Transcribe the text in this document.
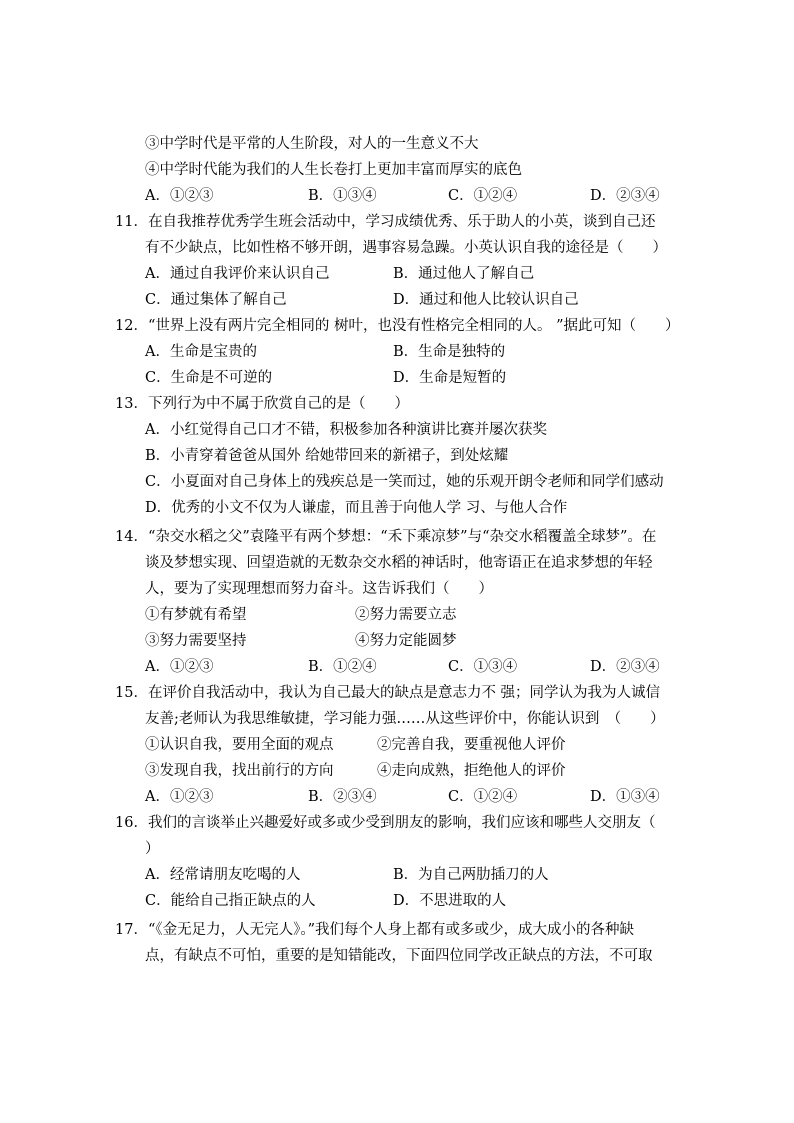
③中学时代是平常的人生阶段，对人的一生意义不大
④中学时代能为我们的人生长卷打上更加丰富而厚实的底色
A．①②③	B．①③④	C．①②④	D．②③④
11．在自我推荐优秀学生班会活动中，学习成绩优秀、乐于助人的小英，谈到自己还
有不少缺点，比如性格不够开朗，遇事容易急躁。小英认识自我的途径是（　　）
A．通过自我评价来认识自己	B．通过他人了解自己
C．通过集体了解自己	D．通过和他人比较认识自己
12．“世界上没有两片完全相同的 树叶，也没有性格完全相同的人。 ”据此可知（　　）
A．生命是宝贵的	B．生命是独特的
C．生命是不可逆的	D．生命是短暂的
13．下列行为中不属于欣赏自己的是（　　）
A．小红觉得自己口才不错，积极参加各种演讲比赛并屡次获奖
B．小青穿着爸爸从国外 给她带回来的新裙子，到处炫耀
C．小夏面对自己身体上的残疾总是一笑而过，她的乐观开朗令老师和同学们感动
D．优秀的小文不仅为人谦虚，而且善于向他人学 习、与他人合作
14．“杂交水稻之父”袁隆平有两个梦想：“禾下乘凉梦”与“杂交水稻覆盖全球梦”。在
谈及梦想实现、回望造就的无数杂交水稻的神话时，他寄语正在追求梦想的年轻
人，要为了实现理想而努力奋斗。这告诉我们（　　）
①有梦就有希望	②努力需要立志
③努力需要坚持	④努力定能圆梦
A．①②③	B．①②④	C．①③④	D．②③④
15．在评价自我活动中，我认为自己最大的缺点是意志力不 强；同学认为我为人诚信
友善;老师认为我思维敏捷，学习能力强……从这些评价中，你能认识到　（　　）
①认识自我，要用全面的观点	②完善自我，要重视他人评价
③发现自我，找出前行的方向	④走向成熟，拒绝他人的评价
A．①②③	B．②③④	C．①②④	D．①③④
16．我们的言谈举止兴趣爱好或多或少受到朋友的影响，我们应该和哪些人交朋友（
）
A．经常请朋友吃喝的人	B．为自己两肋插刀的人
C．能给自己指正缺点的人	D．不思进取的人
17．“《金无足力，人无完人》。”我们每个人身上都有或多或少，成大成小的各种缺
点，有缺点不可怕，重要的是知错能改，下面四位同学改正缺点的方法，不可取
